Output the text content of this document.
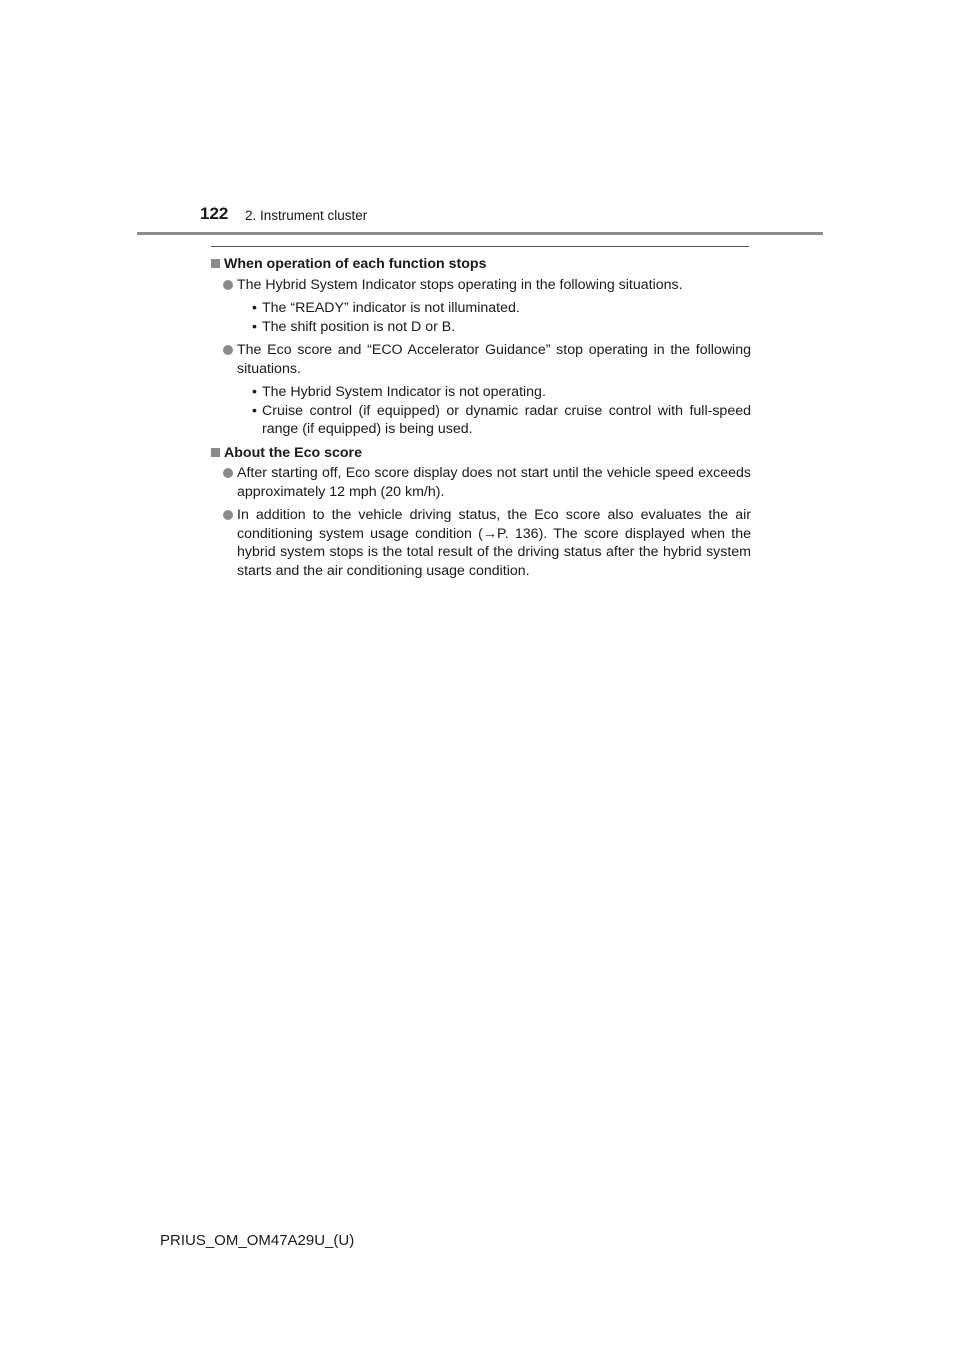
122 2. Instrument cluster
When operation of each function stops
The Hybrid System Indicator stops operating in the following situations.
• The “READY” indicator is not illuminated.
• The shift position is not D or B.
The Eco score and “ECO Accelerator Guidance” stop operating in the following situations.
• The Hybrid System Indicator is not operating.
• Cruise control (if equipped) or dynamic radar cruise control with full-speed range (if equipped) is being used.
About the Eco score
After starting off, Eco score display does not start until the vehicle speed exceeds approximately 12 mph (20 km/h).
In addition to the vehicle driving status, the Eco score also evaluates the air conditioning system usage condition (→P. 136). The score displayed when the hybrid system stops is the total result of the driving status after the hybrid system starts and the air conditioning usage condition.
PRIUS_OM_OM47A29U_(U)
